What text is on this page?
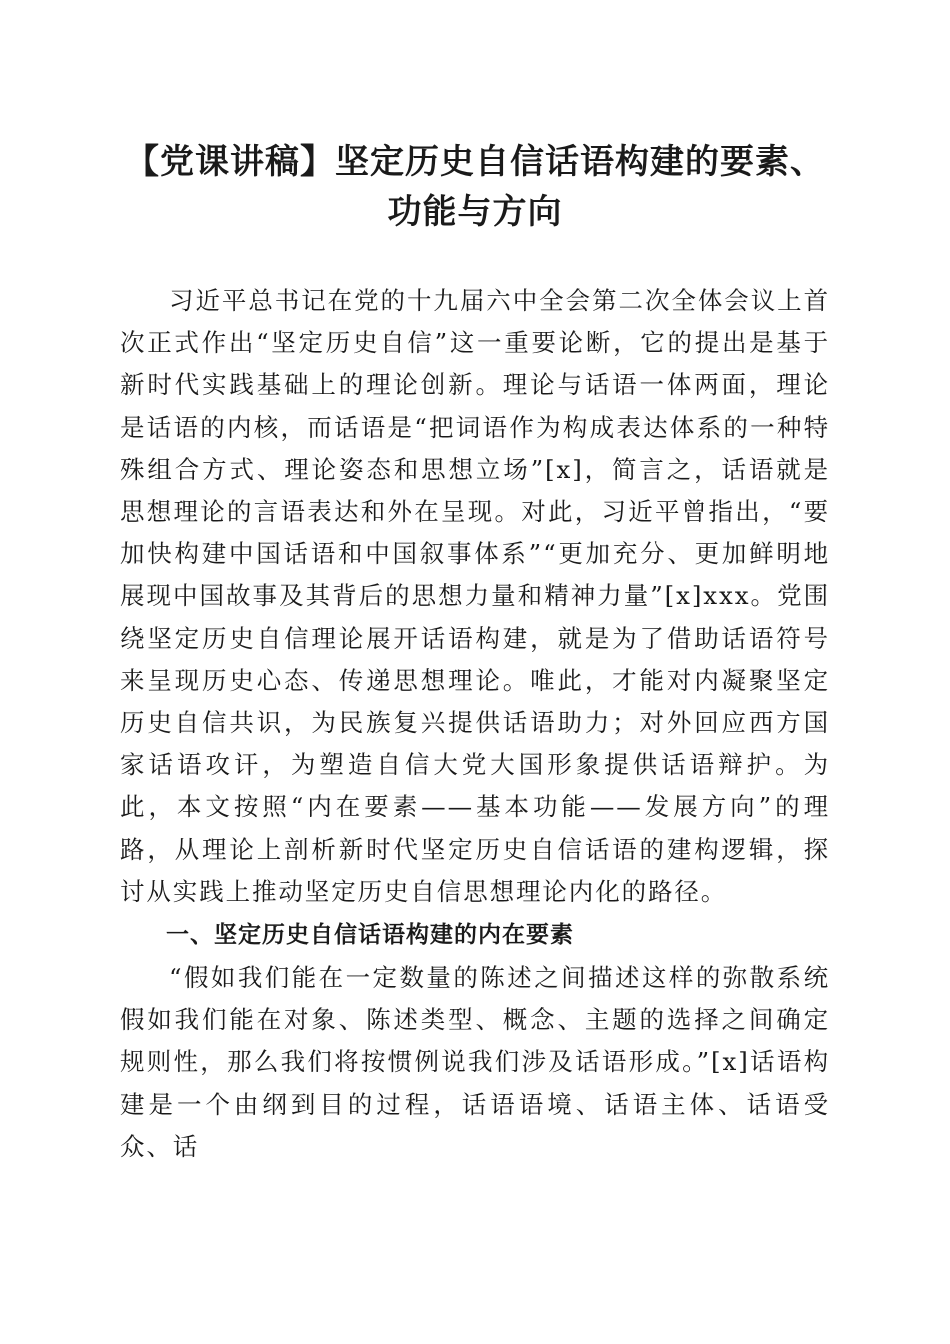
【党课讲稿】坚定历史自信话语构建的要素、
功能与方向

习近平总书记在党的十九届六中全会第二次全体会议上首次正式作出“坚定历史自信”这一重要论断，它的提出是基于新时代实践基础上的理论创新。理论与话语一体两面，理论是话语的内核，而话语是“把词语作为构成表达体系的一种特殊组合方式、理论姿态和思想立场”[x]，简言之，话语就是思想理论的言语表达和外在呈现。对此，习近平曾指出，“要加快构建中国话语和中国叙事体系”“更加充分、更加鲜明地展现中国故事及其背后的思想力量和精神力量”[x]xxx。党围绕坚定历史自信理论展开话语构建，就是为了借助话语符号来呈现历史心态、传递思想理论。唯此，才能对内凝聚坚定历史自信共识，为民族复兴提供话语助力；对外回应西方国家话语攻讦，为塑造自信大党大国形象提供话语辩护。为此，本文按照“内在要素——基本功能——发展方向”的理路，从理论上剖析新时代坚定历史自信话语的建构逻辑，探讨从实践上推动坚定历史自信思想理论内化的路径。

一、坚定历史自信话语构建的内在要素

“假如我们能在一定数量的陈述之间描述这样的弥散系统假如我们能在对象、陈述类型、概念、主题的选择之间确定规则性，那么我们将按惯例说我们涉及话语形成。”[x]话语构建是一个由纲到目的过程，话语语境、话语主体、话语受众、话
